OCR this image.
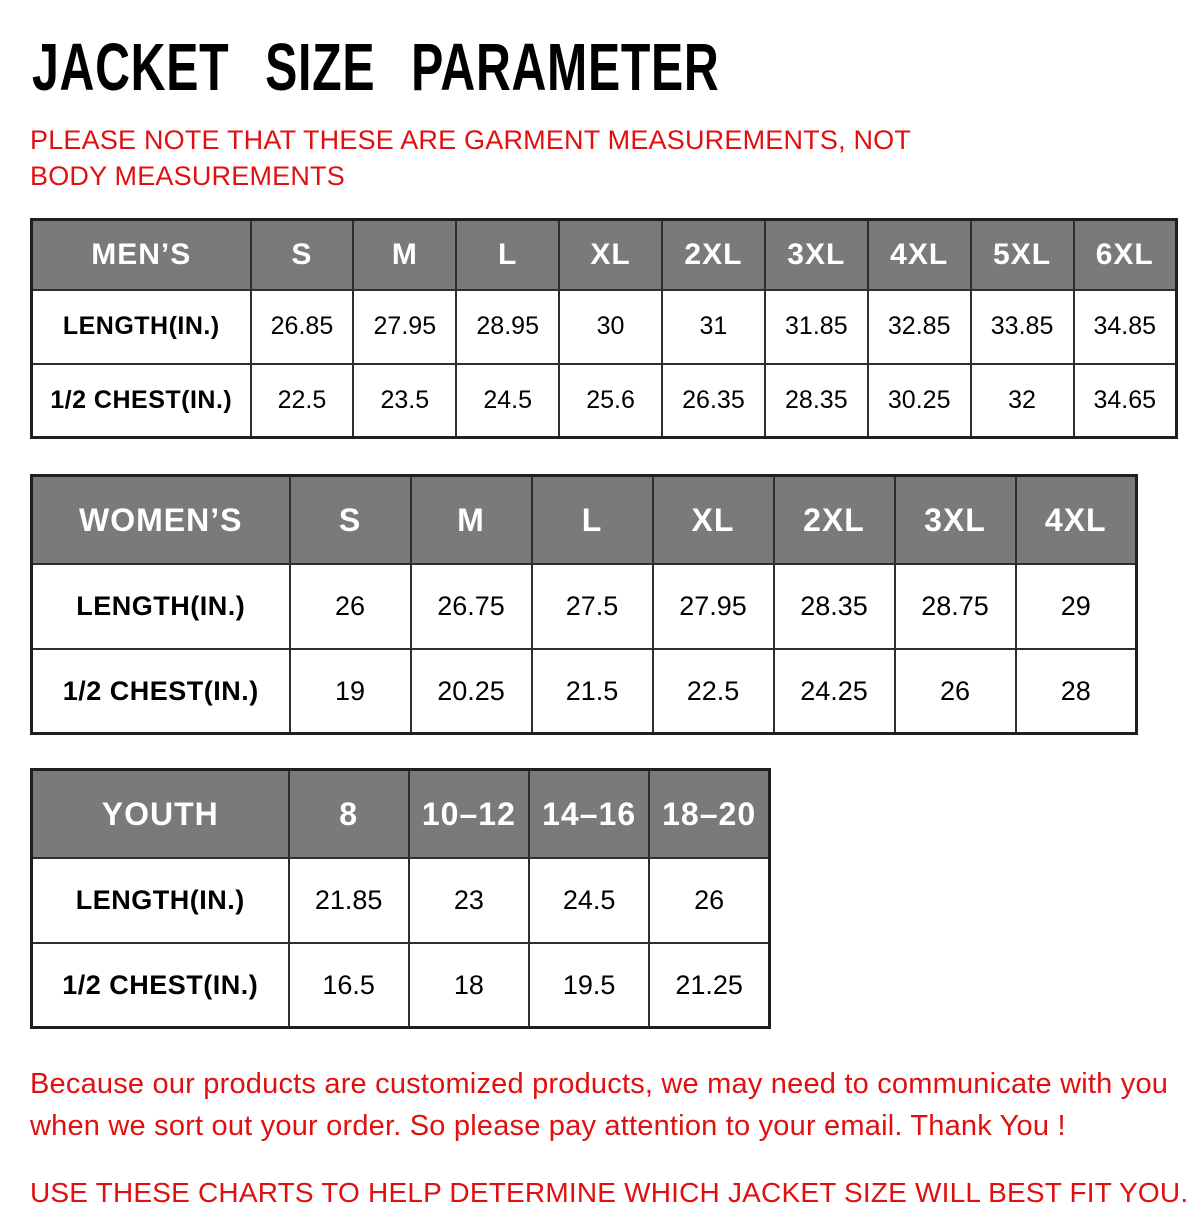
JACKET SIZE PARAMETER
PLEASE NOTE THAT THESE ARE GARMENT MEASUREMENTS, NOT BODY MEASUREMENTS
MEN’S	S	M	L	XL	2XL	3XL	4XL	5XL	6XL
LENGTH(IN.)	26.85	27.95	28.95	30	31	31.85	32.85	33.85	34.85
1/2 CHEST(IN.)	22.5	23.5	24.5	25.6	26.35	28.35	30.25	32	34.65
WOMEN’S	S	M	L	XL	2XL	3XL	4XL
LENGTH(IN.)	26	26.75	27.5	27.95	28.35	28.75	29
1/2 CHEST(IN.)	19	20.25	21.5	22.5	24.25	26	28
YOUTH	8	10–12	14–16	18–20
LENGTH(IN.)	21.85	23	24.5	26
1/2 CHEST(IN.)	16.5	18	19.5	21.25

Because our products are customized products, we may need to communicate with you when we sort out your order. So please pay attention to your email. Thank You !

USE THESE CHARTS TO HELP DETERMINE WHICH JACKET SIZE WILL BEST FIT YOU.
